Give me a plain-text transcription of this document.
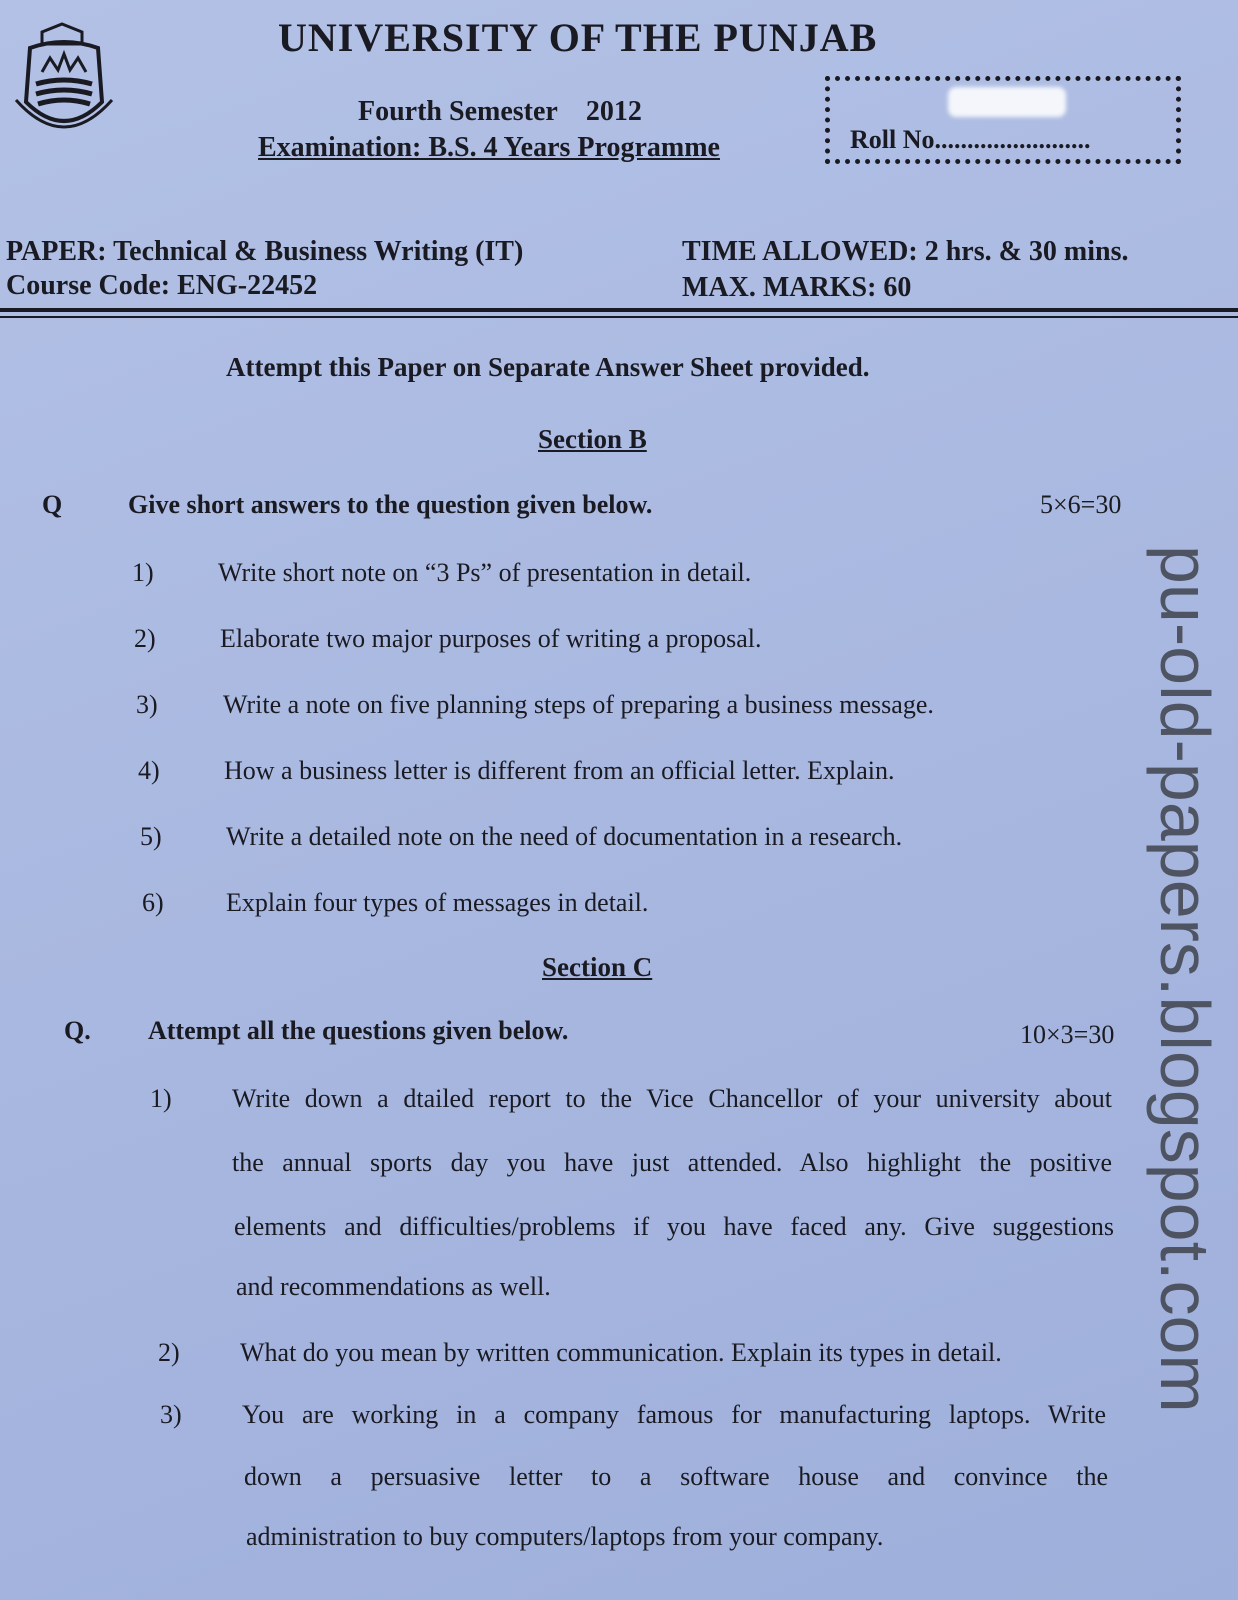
UNIVERSITY OF THE PUNJAB
Fourth Semester 2012
Examination: B.S. 4 Years Programme	Roll No........................
PAPER: Technical & Business Writing (IT)
Course Code: ENG-22452
TIME ALLOWED: 2 hrs. & 30 mins.
MAX. MARKS: 60
Attempt this Paper on Separate Answer Sheet provided.
Section B
Q	Give short answers to the question given below.	5×6=30
1) Write short note on “3 Ps” of presentation in detail.
2) Elaborate two major purposes of writing a proposal.
3)	Write a note on five planning steps of preparing a business message.
4) How a business letter is different from an official letter. Explain.
5) Write a detailed note on the need of documentation in a research.
6) Explain four types of messages in detail.
Section C
Q. Attempt all the questions given below.	10×3=30
1) Write down a dtailed report to the Vice Chancellor of your university about
the annual sports day you have just attended. Also highlight the positive
elements and difficulties/problems if you have faced any. Give suggestions
and recommendations as well.
2) What do you mean by written communication. Explain its types in detail.
3) You are working in a company famous for manufacturing laptops. Write
down a persuasive letter to a software house and convince the
administration to buy computers/laptops from your company.
pu-old-papers.blogspot.com
